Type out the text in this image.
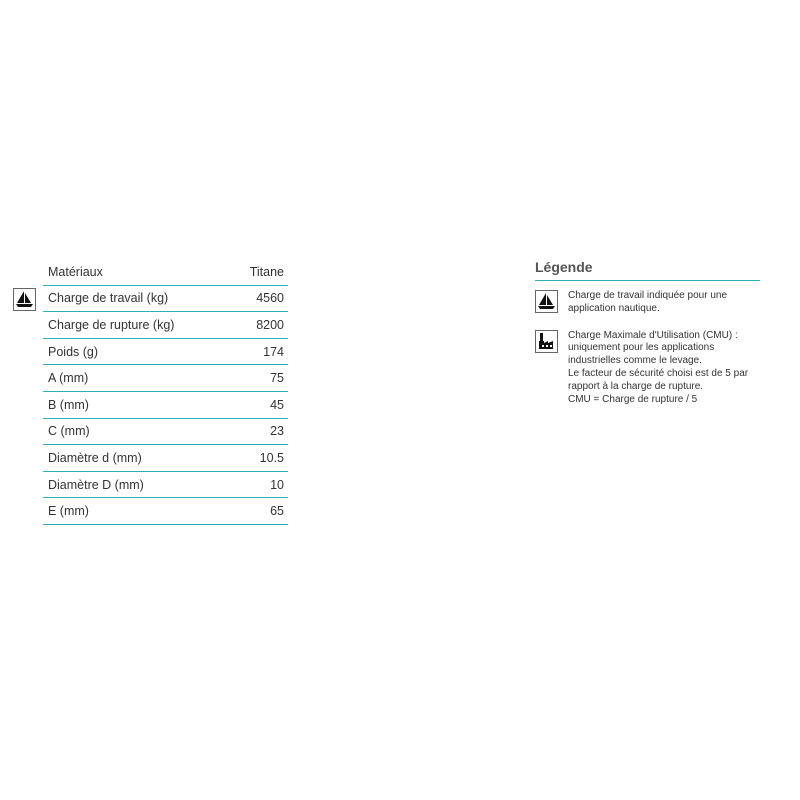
Matériaux	Titane
Charge de travail (kg)	4560
Charge de rupture (kg)	8200
Poids (g)	174
A (mm)	75
B (mm)	45
C (mm)	23
Diamètre d (mm)	10.5
Diamètre D (mm)	10
E (mm)	65
Légende
Charge de travail indiquée pour une
application nautique.
Charge Maximale d'Utilisation (CMU) :
uniquement pour les applications
industrielles comme le levage.
Le facteur de sécurité choisi est de 5 par
rapport à la charge de rupture.
CMU = Charge de rupture / 5
